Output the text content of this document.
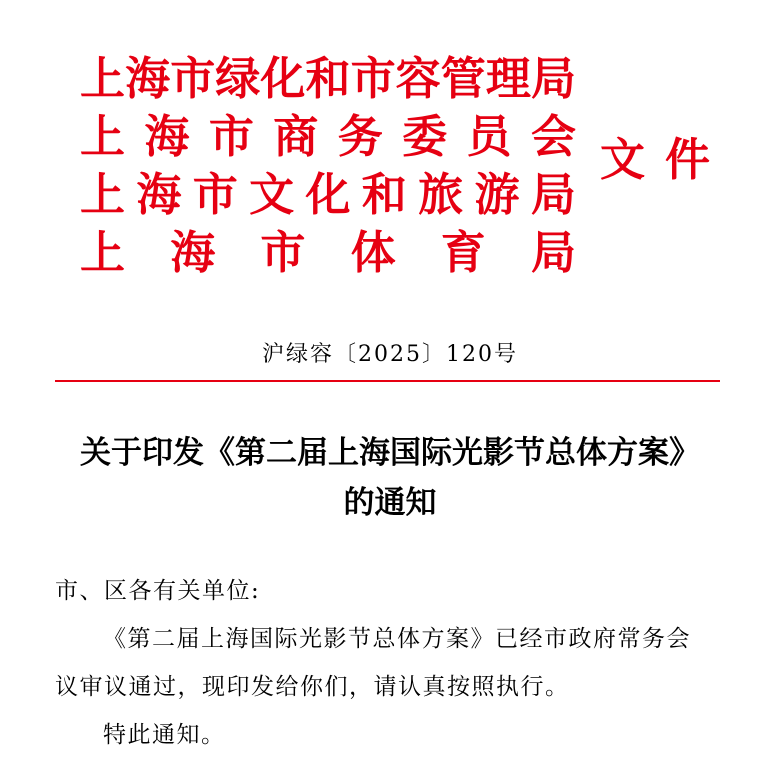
上 海 市 绿 化 和 市 容 管 理 局
上 海 市 商 务 委 员 会
上 海 市 文 化 和 旅 游 局
上 海 市 体 育 局
文 件
沪绿容〔2025〕120号
关于印发《第二届上海国际光影节总体方案》
的通知

市、区各有关单位:

《第二届上海国际光影节总体方案》已经市政府常务会

议审议通过，现印发给你们，请认真按照执行。

特此通知。
